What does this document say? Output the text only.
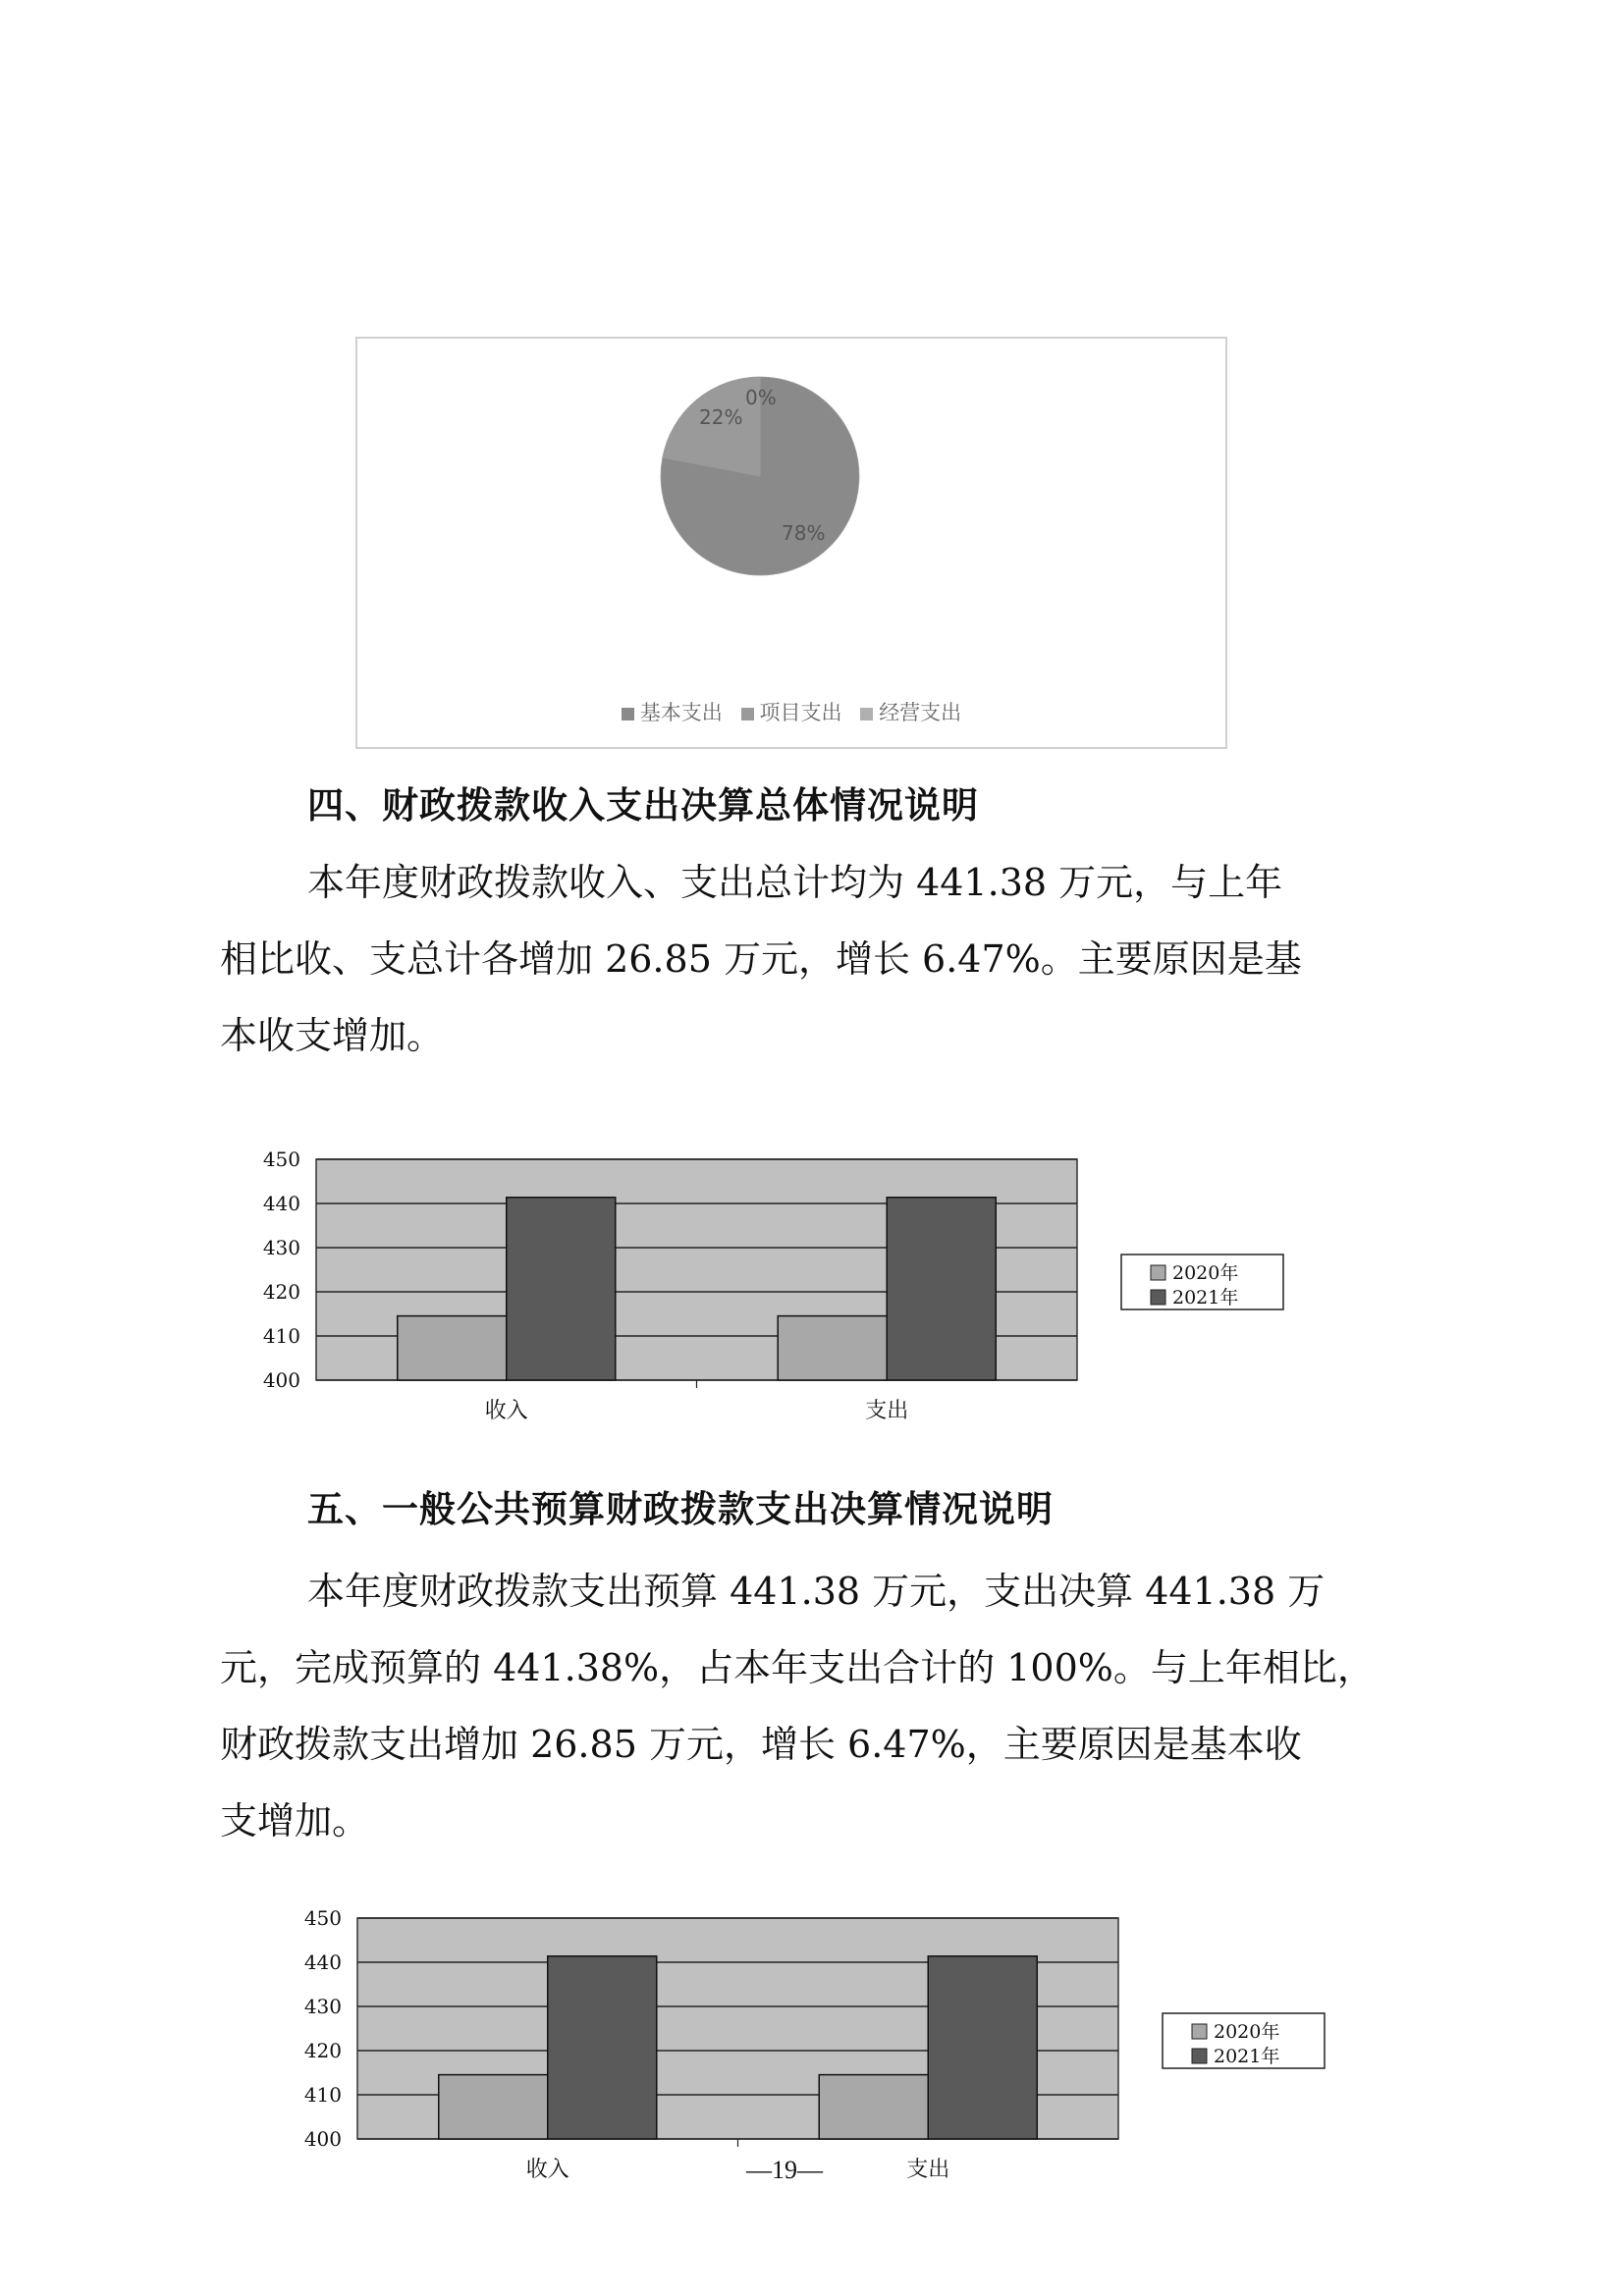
0%
22%
78%
基本支出 项目支出 经营支出
四、财政拨款收入支出决算总体情况说明
本年度财政拨款收入、支出总计均为 441.38 万元，与上年
相比收、支总计各增加 26.85 万元，增长 6.47%。主要原因是基
本收支增加。
400
410
420
430
440
450
收入	支出
2020年
2021年
五、一般公共预算财政拨款支出决算情况说明
本年度财政拨款支出预算 441.38 万元，支出决算 441.38 万
元，完成预算的 441.38%，占本年支出合计的 100%。与上年相比，
财政拨款支出增加 26.85 万元，增长 6.47%，主要原因是基本收
支增加。
400
410
420
430
440
450
收入	支出
2020年
2021年
—19—
